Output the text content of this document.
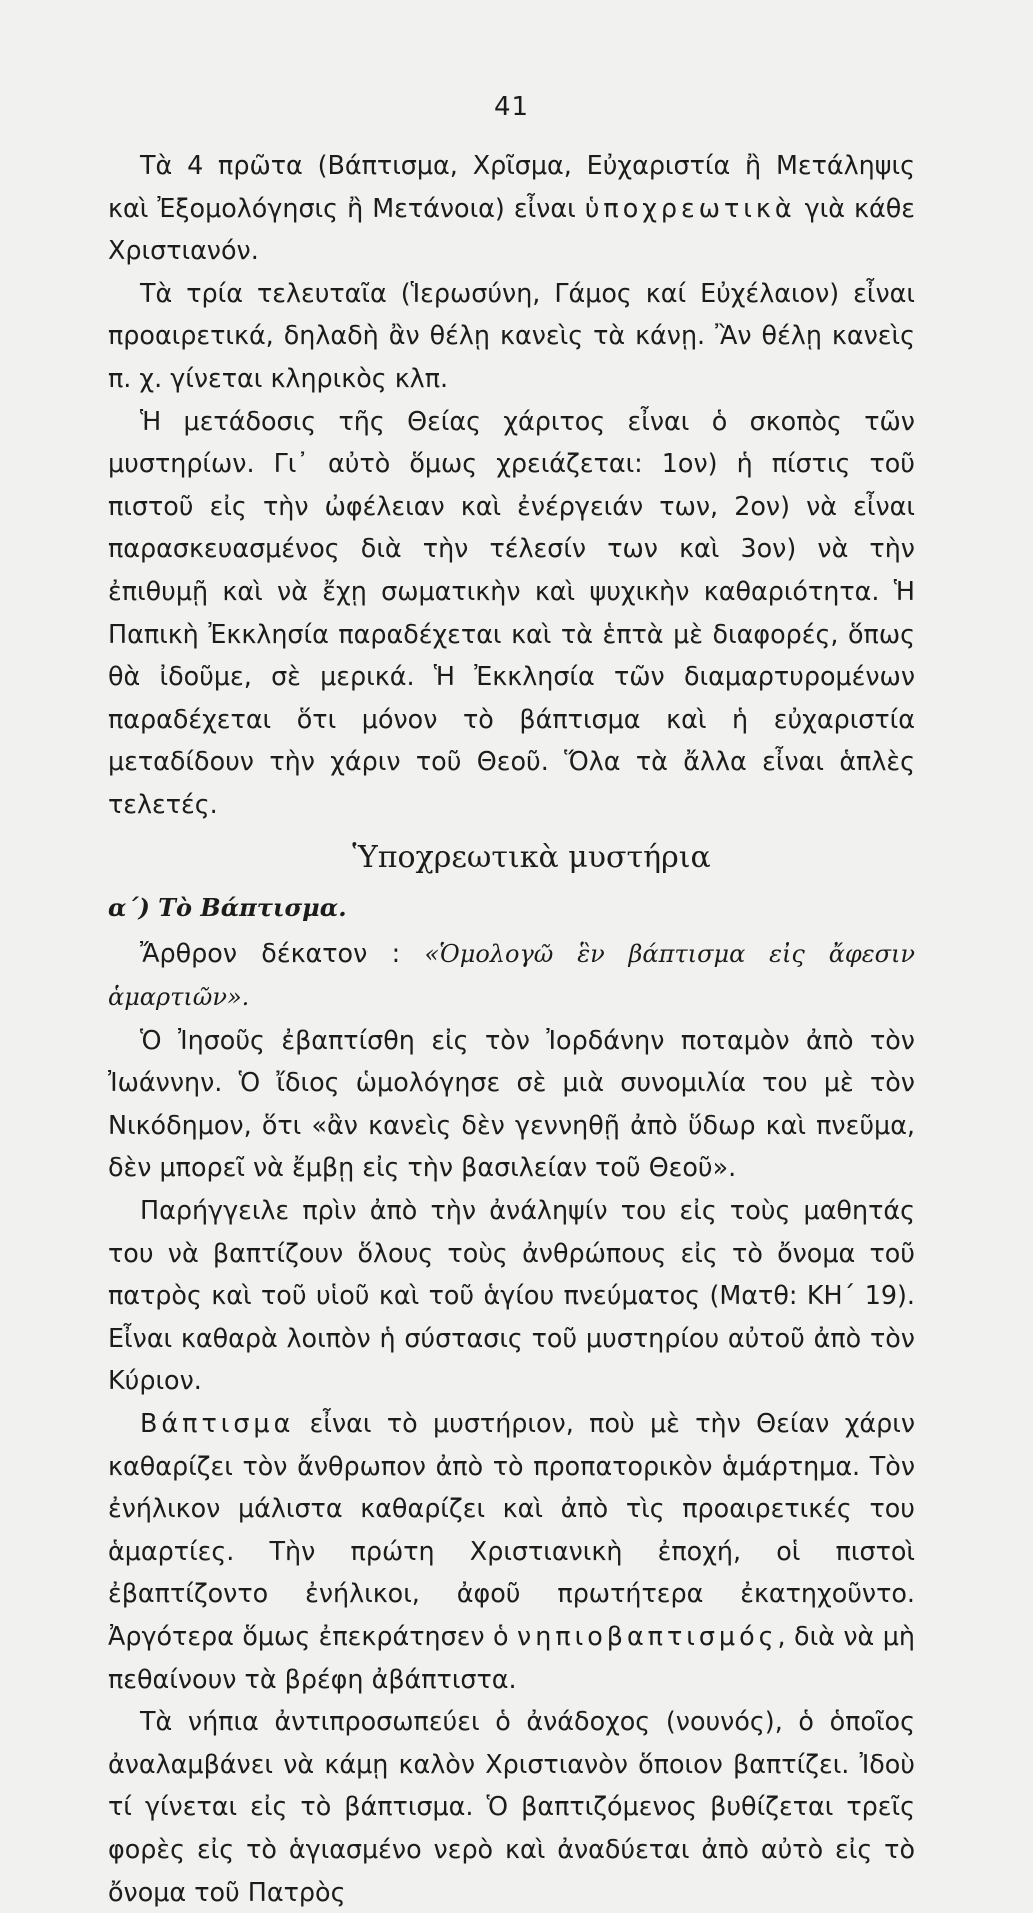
41

Τὰ 4 πρῶτα (Βάπτισμα, Χρῖσμα, Εὐχαριστία ἢ Μετάληψις καὶ Ἐξομολόγησις ἢ Μετάνοια) εἶναι ὑποχρεωτικὰ γιὰ κάθε Χριστιανόν.

Τὰ τρία τελευταῖα (Ἱερωσύνη, Γάμος καί Εὐχέλαιον) εἶναι προαιρετικά, δηλαδὴ ἂν θέλῃ κανεὶς τὰ κάνῃ. Ἂν θέλῃ κανεὶς π. χ. γίνεται κληρικὸς κλπ.

Ἡ μετάδοσις τῆς Θείας χάριτος εἶναι ὁ σκοπὸς τῶν μυστηρίων. Γι᾽ αὐτὸ ὅμως χρειάζεται: 1ον) ἡ πίστις τοῦ πιστοῦ εἰς τὴν ὠφέλειαν καὶ ἐνέργειάν των, 2ον) νὰ εἶναι παρασκευασμένος διὰ τὴν τέλεσίν των καὶ 3ον) νὰ τὴν ἐπιθυμῇ καὶ νὰ ἔχῃ σωματικὴν καὶ ψυχικὴν καθαριότητα. Ἡ Παπικὴ Ἐκκλησία παραδέχεται καὶ τὰ ἑπτὰ μὲ διαφορές, ὅπως θὰ ἰδοῦμε, σὲ μερικά. Ἡ Ἐκκλησία τῶν διαμαρτυρομένων παραδέχεται ὅτι μόνον τὸ βάπτισμα καὶ ἡ εὐχαριστία μεταδίδουν τὴν χάριν τοῦ Θεοῦ. Ὅλα τὰ ἄλλα εἶναι ἁπλὲς τελετές.

Ὑποχρεωτικὰ μυστήρια
α΄) Τὸ Βάπτισμα.

Ἄρθρον δέκατον : «Ὁμολογῶ ἓν βάπτισμα εἰς ἄφεσιν ἁμαρτιῶν».

Ὁ Ἰησοῦς ἐβαπτίσθη εἰς τὸν Ἰορδάνην ποταμὸν ἀπὸ τὸν Ἰωάννην. Ὁ ἴδιος ὡμολόγησε σὲ μιὰ συνομιλία του μὲ τὸν Νικόδημον, ὅτι «ἂν κανεὶς δὲν γεννηθῇ ἀπὸ ὕδωρ καὶ πνεῦμα, δὲν μπορεῖ νὰ ἔμβῃ εἰς τὴν βασιλείαν τοῦ Θεοῦ».

Παρήγγειλε πρὶν ἀπὸ τὴν ἀνάληψίν του εἰς τοὺς μαθητάς του νὰ βαπτίζουν ὅλους τοὺς ἀνθρώπους εἰς τὸ ὄνομα τοῦ πατρὸς καὶ τοῦ υἱοῦ καὶ τοῦ ἁγίου πνεύματος (Ματθ: ΚΗ΄ 19). Εἶναι καθαρὰ λοιπὸν ἡ σύστασις τοῦ μυστηρίου αὐτοῦ ἀπὸ τὸν Κύριον.

Βάπτισμα εἶναι τὸ μυστήριον, ποὺ μὲ τὴν Θείαν χάριν καθαρίζει τὸν ἄνθρωπον ἀπὸ τὸ προπατορικὸν ἁμάρτημα. Τὸν ἐνήλικον μάλιστα καθαρίζει καὶ ἀπὸ τὶς προαιρετικές του ἁμαρτίες. Τὴν πρώτη Χριστιανικὴ ἐποχή, οἱ πιστοὶ ἐβαπτίζοντο ἐνήλικοι, ἀφοῦ πρωτήτερα ἐκατηχοῦντο. Ἀργότερα ὅμως ἐπεκράτησεν ὁ νηπιοβαπτισμός, διὰ νὰ μὴ πεθαίνουν τὰ βρέφη ἀβάπτιστα.

Τὰ νήπια ἀντιπροσωπεύει ὁ ἀνάδοχος (νουνός), ὁ ὁποῖος ἀναλαμβάνει νὰ κάμῃ καλὸν Χριστιανὸν ὅποιον βαπτίζει. Ἰδοὺ τί γίνεται εἰς τὸ βάπτισμα. Ὁ βαπτιζόμενος βυθίζεται τρεῖς φορὲς εἰς τὸ ἁγιασμένο νερὸ καὶ ἀναδύεται ἀπὸ αὐτὸ εἰς τὸ ὄνομα τοῦ Πατρὸς
